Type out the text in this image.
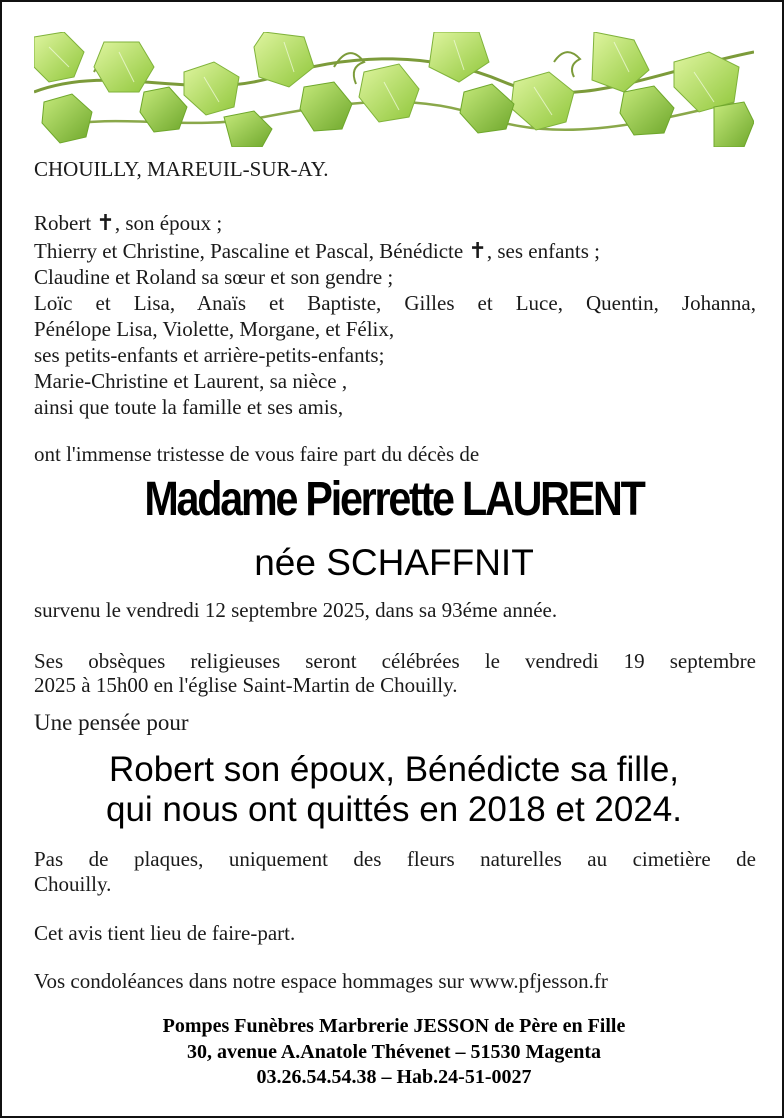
CHOUILLY, MAREUIL-SUR-AY.
Robert ✝, son époux ;
Thierry et Christine, Pascaline et Pascal, Bénédicte ✝, ses enfants ;
Claudine et Roland sa sœur et son gendre ;
Loïc et Lisa, Anaïs et Baptiste, Gilles et Luce, Quentin, Johanna,
Pénélope Lisa, Violette, Morgane, et Félix,
ses petits-enfants et arrière-petits-enfants;
Marie-Christine et Laurent, sa nièce ,
ainsi que toute la famille et ses amis,
ont l'immense tristesse de vous faire part du décès de
Madame Pierrette LAURENT
née SCHAFFNIT
survenu le vendredi 12 septembre 2025, dans sa 93éme année.
Ses obsèques religieuses seront célébrées le vendredi 19 septembre
2025 à 15h00 en l'église Saint-Martin de Chouilly.
Une pensée pour
Robert son époux, Bénédicte sa fille,
qui nous ont quittés en 2018 et 2024.
Pas de plaques, uniquement des fleurs naturelles au cimetière de
Chouilly.
Cet avis tient lieu de faire-part.
Vos condoléances dans notre espace hommages sur www.pfjesson.fr
Pompes Funèbres Marbrerie JESSON de Père en Fille
30, avenue A.Anatole Thévenet – 51530 Magenta
03.26.54.54.38 – Hab.24-51-0027
